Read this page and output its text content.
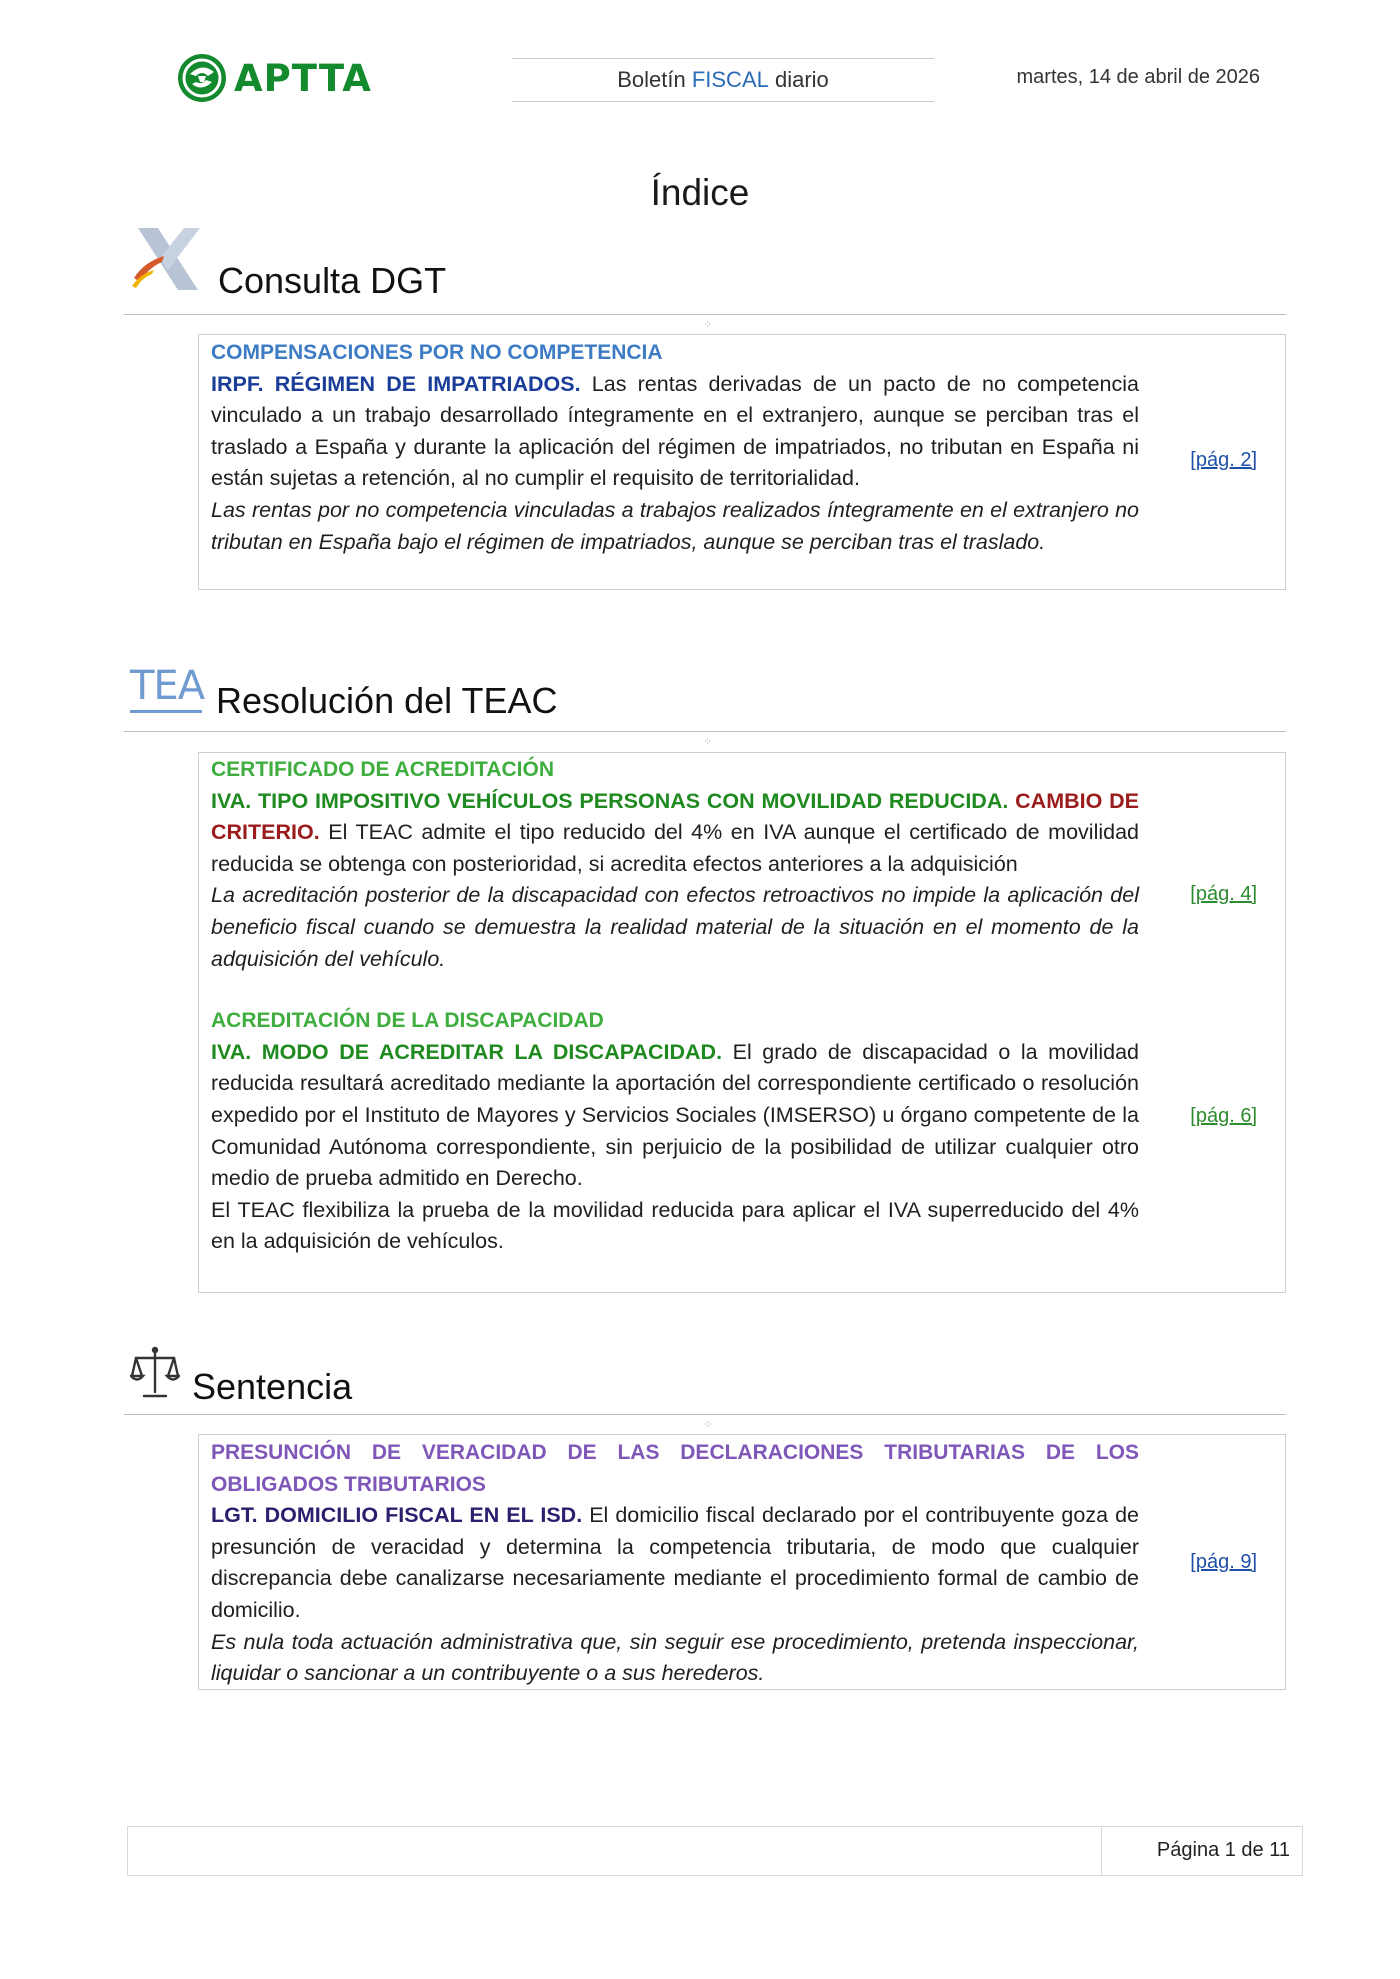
APTTA	Boletín FISCAL diario	martes, 14 de abril de 2026
Índice
Consulta DGT
⁘
COMPENSACIONES POR NO COMPETENCIA
IRPF. RÉGIMEN DE IMPATRIADOS. Las rentas derivadas de un pacto de no competencia vinculado a un trabajo desarrollado íntegramente en el extranjero, aunque se perciban tras el traslado a España y durante la aplicación del régimen de impatriados, no tributan en España ni están sujetas a retención, al no cumplir el requisito de territorialidad.
Las rentas por no competencia vinculadas a trabajos realizados íntegramente en el extranjero no tributan en España bajo el régimen de impatriados, aunque se perciban tras el traslado.
[pág. 2]
TEA Resolución del TEAC
⁘
CERTIFICADO DE ACREDITACIÓN
IVA. TIPO IMPOSITIVO VEHÍCULOS PERSONAS CON MOVILIDAD REDUCIDA. CAMBIO DE CRITERIO. El TEAC admite el tipo reducido del 4% en IVA aunque el certificado de movilidad reducida se obtenga con posterioridad, si acredita efectos anteriores a la adquisición
La acreditación posterior de la discapacidad con efectos retroactivos no impide la aplicación del beneficio fiscal cuando se demuestra la realidad material de la situación en el momento de la adquisición del vehículo.
[pág. 4]
ACREDITACIÓN DE LA DISCAPACIDAD
IVA. MODO DE ACREDITAR LA DISCAPACIDAD. El grado de discapacidad o la movilidad reducida resultará acreditado mediante la aportación del correspondiente certificado o resolución expedido por el Instituto de Mayores y Servicios Sociales (IMSERSO) u órgano competente de la Comunidad Autónoma correspondiente, sin perjuicio de la posibilidad de utilizar cualquier otro medio de prueba admitido en Derecho.
El TEAC flexibiliza la prueba de la movilidad reducida para aplicar el IVA superreducido del 4% en la adquisición de vehículos.
[pág. 6]
Sentencia
⁘
PRESUNCIÓN DE VERACIDAD DE LAS DECLARACIONES TRIBUTARIAS DE LOS OBLIGADOS TRIBUTARIOS
LGT. DOMICILIO FISCAL EN EL ISD. El domicilio fiscal declarado por el contribuyente goza de presunción de veracidad y determina la competencia tributaria, de modo que cualquier discrepancia debe canalizarse necesariamente mediante el procedimiento formal de cambio de domicilio.
Es nula toda actuación administrativa que, sin seguir ese procedimiento, pretenda inspeccionar, liquidar o sancionar a un contribuyente o a sus herederos.
[pág. 9]
Página 1 de 11
